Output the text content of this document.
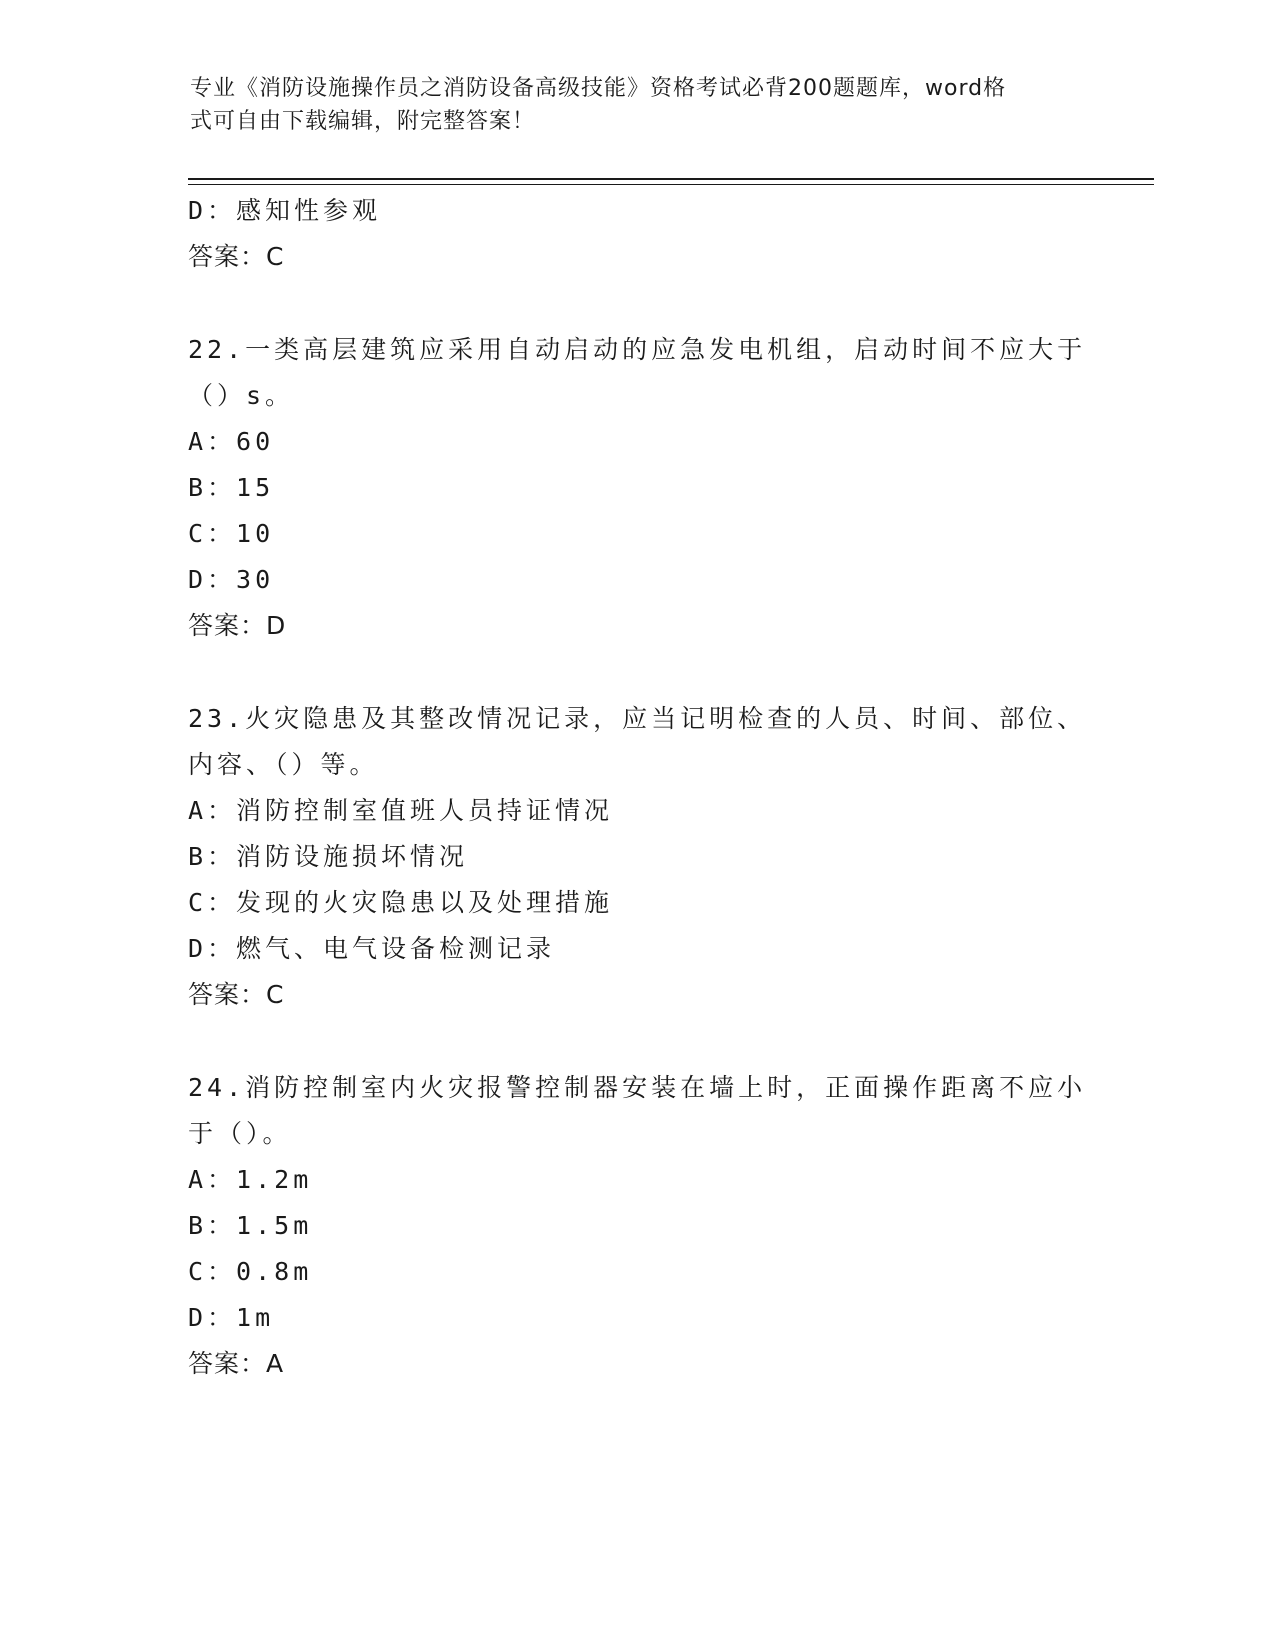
专业《消防设施操作员之消防设备高级技能》资格考试必背200题题库，word格
式可自由下载编辑，附完整答案！
D：感知性参观
答案：C
22.一类高层建筑应采用自动启动的应急发电机组，启动时间不应大于
（）s。
A：60
B：15
C：10
D：30
答案：D
23.火灾隐患及其整改情况记录，应当记明检查的人员、时间、部位、
内容、（）等。
A：消防控制室值班人员持证情况
B：消防设施损坏情况
C：发现的火灾隐患以及处理措施
D：燃气、电气设备检测记录
答案：C
24.消防控制室内火灾报警控制器安装在墙上时，正面操作距离不应小
于（）。
A：1.2m
B：1.5m
C：0.8m
D：1m
答案：A
